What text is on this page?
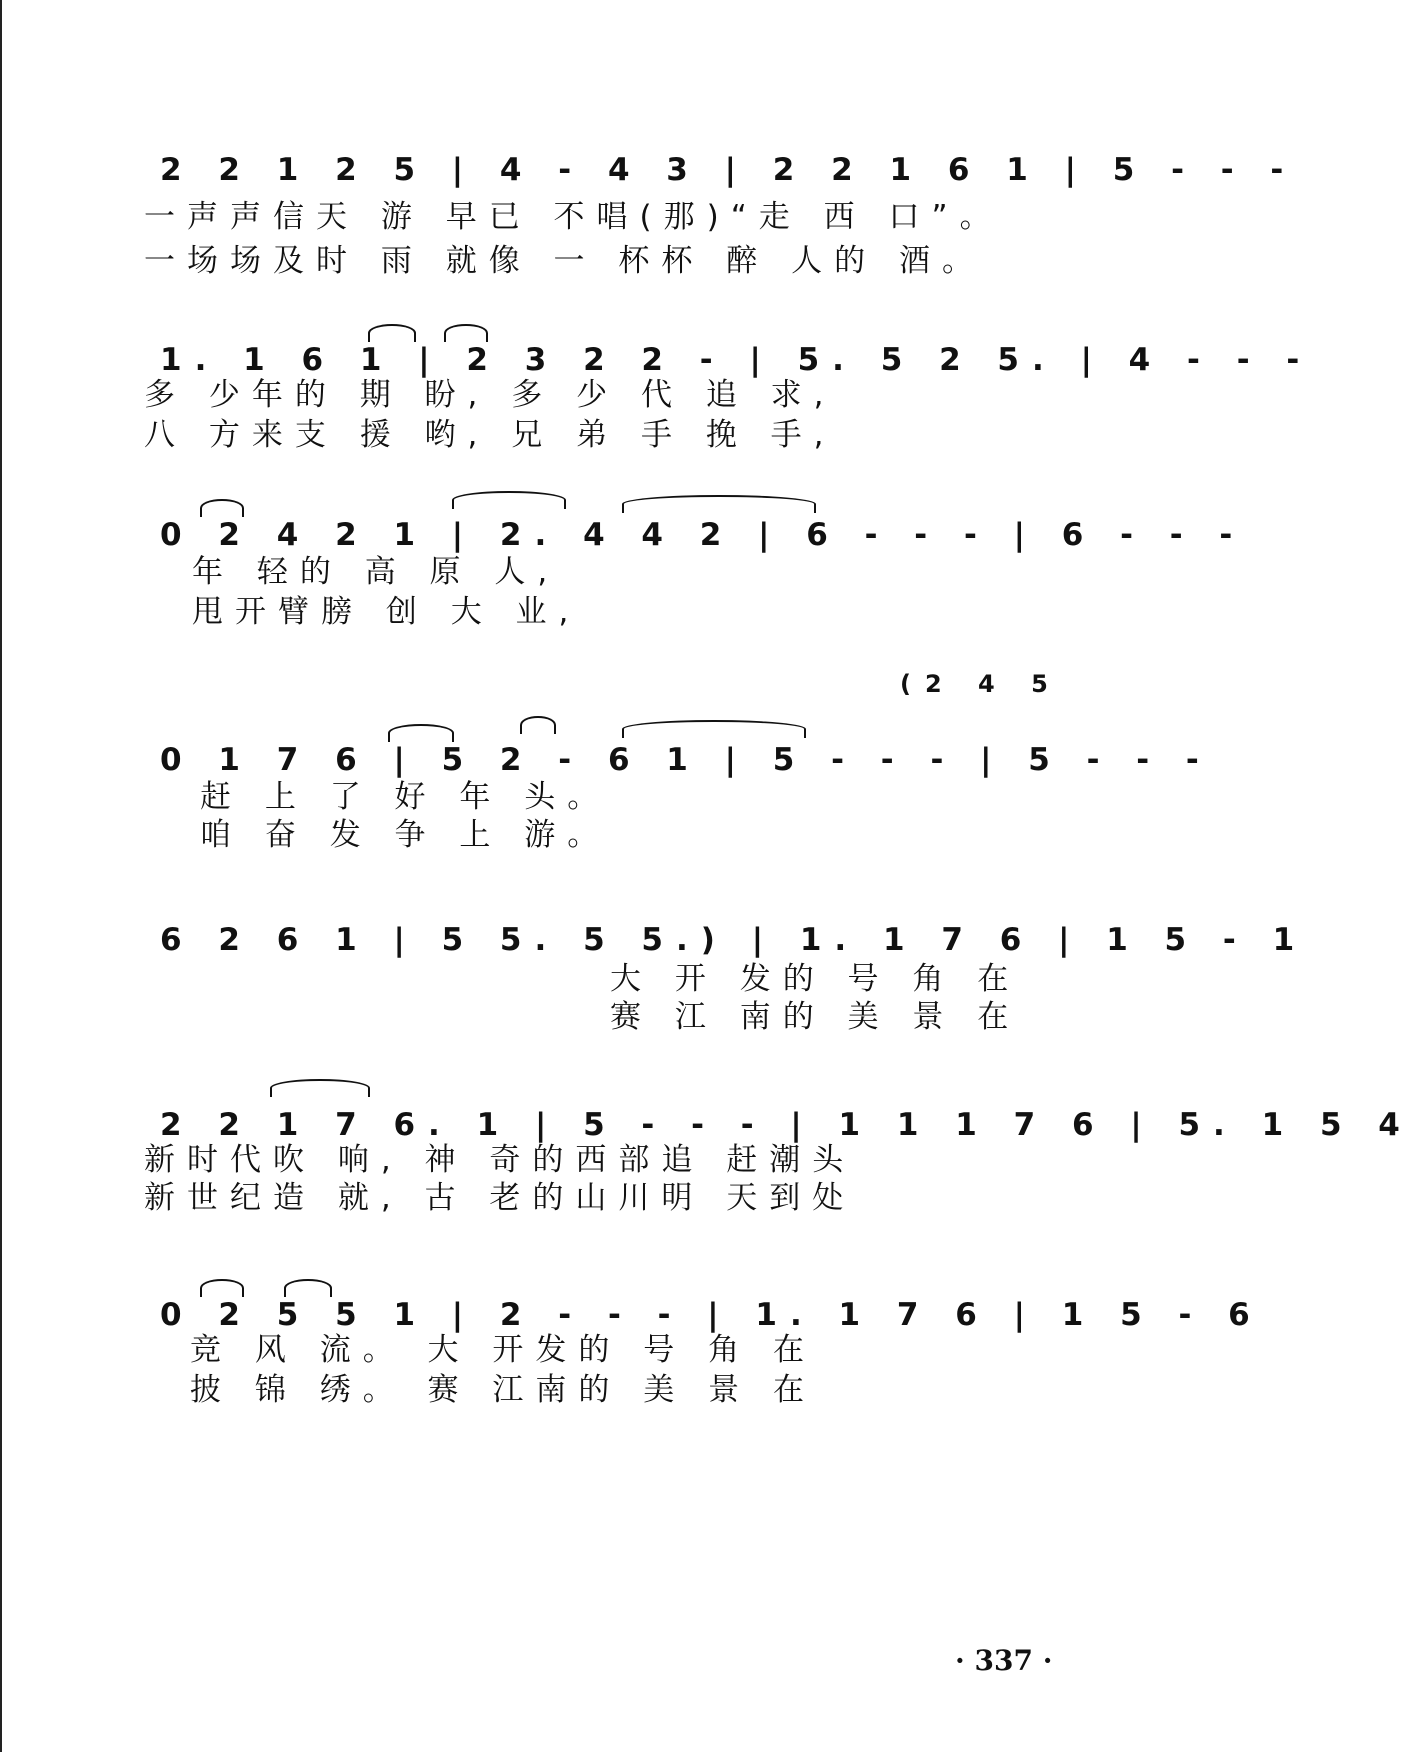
2 2 1 2 5 | 4 - 4 3 | 2 2 1 6 1 | 5 - - -
一声声信天 游 早已 不唱(那)“走 西 口”。
一场场及时 雨 就像 一 杯杯 醉 人的 酒。
1. 1 6 1 | 2 3 2 2 - | 5. 5 2 5. | 4 - - -
多 少年的 期 盼, 多 少 代 追 求,
八 方来支 援 哟, 兄 弟 手 挽 手,
0 2 4 2 1 | 2. 4 4 2 | 6 - - - | 6 - - -
年 轻的 高 原 人,
甩开臂膀 创 大 业,
(2 4 5
0 1 7 6 | 5 2 - 6 1 | 5 - - - | 5 - - -
赶 上 了 好 年 头。
咱 奋 发 争 上 游。
6 2 6 1 | 5 5. 5 5.) | 1. 1 7 6 | 1 5 - 1
大 开 发的 号 角 在
赛 江 南的 美 景 在
2 2 1 7 6. 1 | 5 - - - | 1 1 1 7 6 | 5. 1 5 4
新时代吹 响, 神 奇的西部追 赶潮头
新世纪造 就, 古 老的山川明 天到处
0 2 5 5 1 | 2 - - - | 1. 1 7 6 | 1 5 - 6
竞 风 流。 大 开发的 号 角 在
披 锦 绣。 赛 江南的 美 景 在
· 337 ·
